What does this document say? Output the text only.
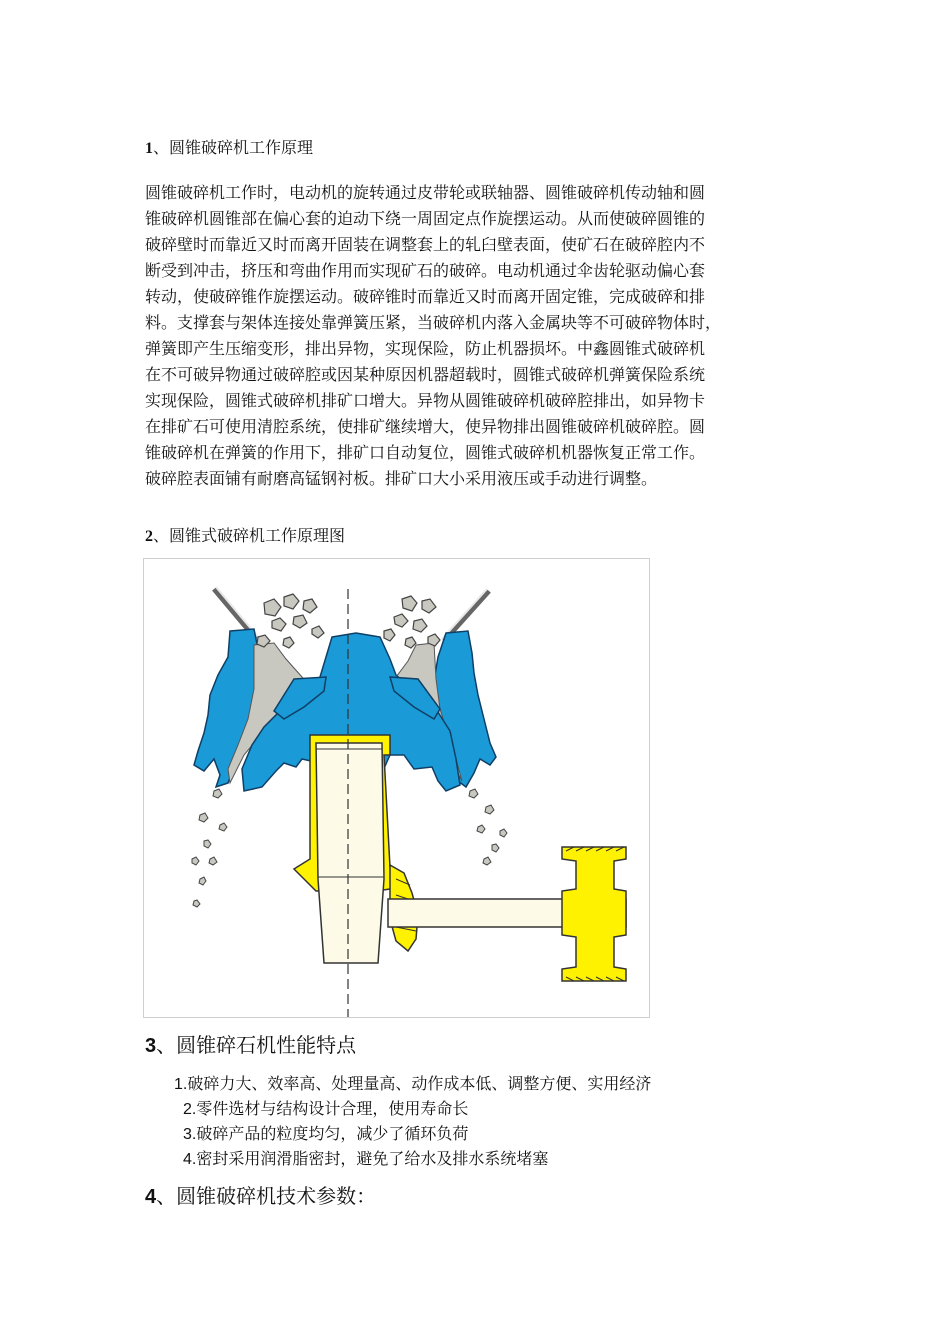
1、圆锥破碎机工作原理
圆锥破碎机工作时，电动机的旋转通过皮带轮或联轴器、圆锥破碎机传动轴和圆
锥破碎机圆锥部在偏心套的迫动下绕一周固定点作旋摆运动。从而使破碎圆锥的
破碎壁时而靠近又时而离开固装在调整套上的轧臼壁表面，使矿石在破碎腔内不
断受到冲击，挤压和弯曲作用而实现矿石的破碎。电动机通过伞齿轮驱动偏心套
转动，使破碎锥作旋摆运动。破碎锥时而靠近又时而离开固定锥，完成破碎和排
料。支撑套与架体连接处靠弹簧压紧，当破碎机内落入金属块等不可破碎物体时，
弹簧即产生压缩变形，排出异物，实现保险，防止机器损坏。中鑫圆锥式破碎机
在不可破异物通过破碎腔或因某种原因机器超载时，圆锥式破碎机弹簧保险系统
实现保险，圆锥式破碎机排矿口增大。异物从圆锥破碎机破碎腔排出，如异物卡
在排矿石可使用清腔系统，使排矿继续增大，使异物排出圆锥破碎机破碎腔。圆
锥破碎机在弹簧的作用下，排矿口自动复位，圆锥式破碎机机器恢复正常工作。
破碎腔表面铺有耐磨高锰钢衬板。排矿口大小采用液压或手动进行调整。
2、圆锥式破碎机工作原理图
3、圆锥碎石机性能特点
1.破碎力大、效率高、处理量高、动作成本低、调整方便、实用经济
2.零件选材与结构设计合理，使用寿命长
3.破碎产品的粒度均匀，减少了循环负荷
4.密封采用润滑脂密封，避免了给水及排水系统堵塞
4、圆锥破碎机技术参数：
